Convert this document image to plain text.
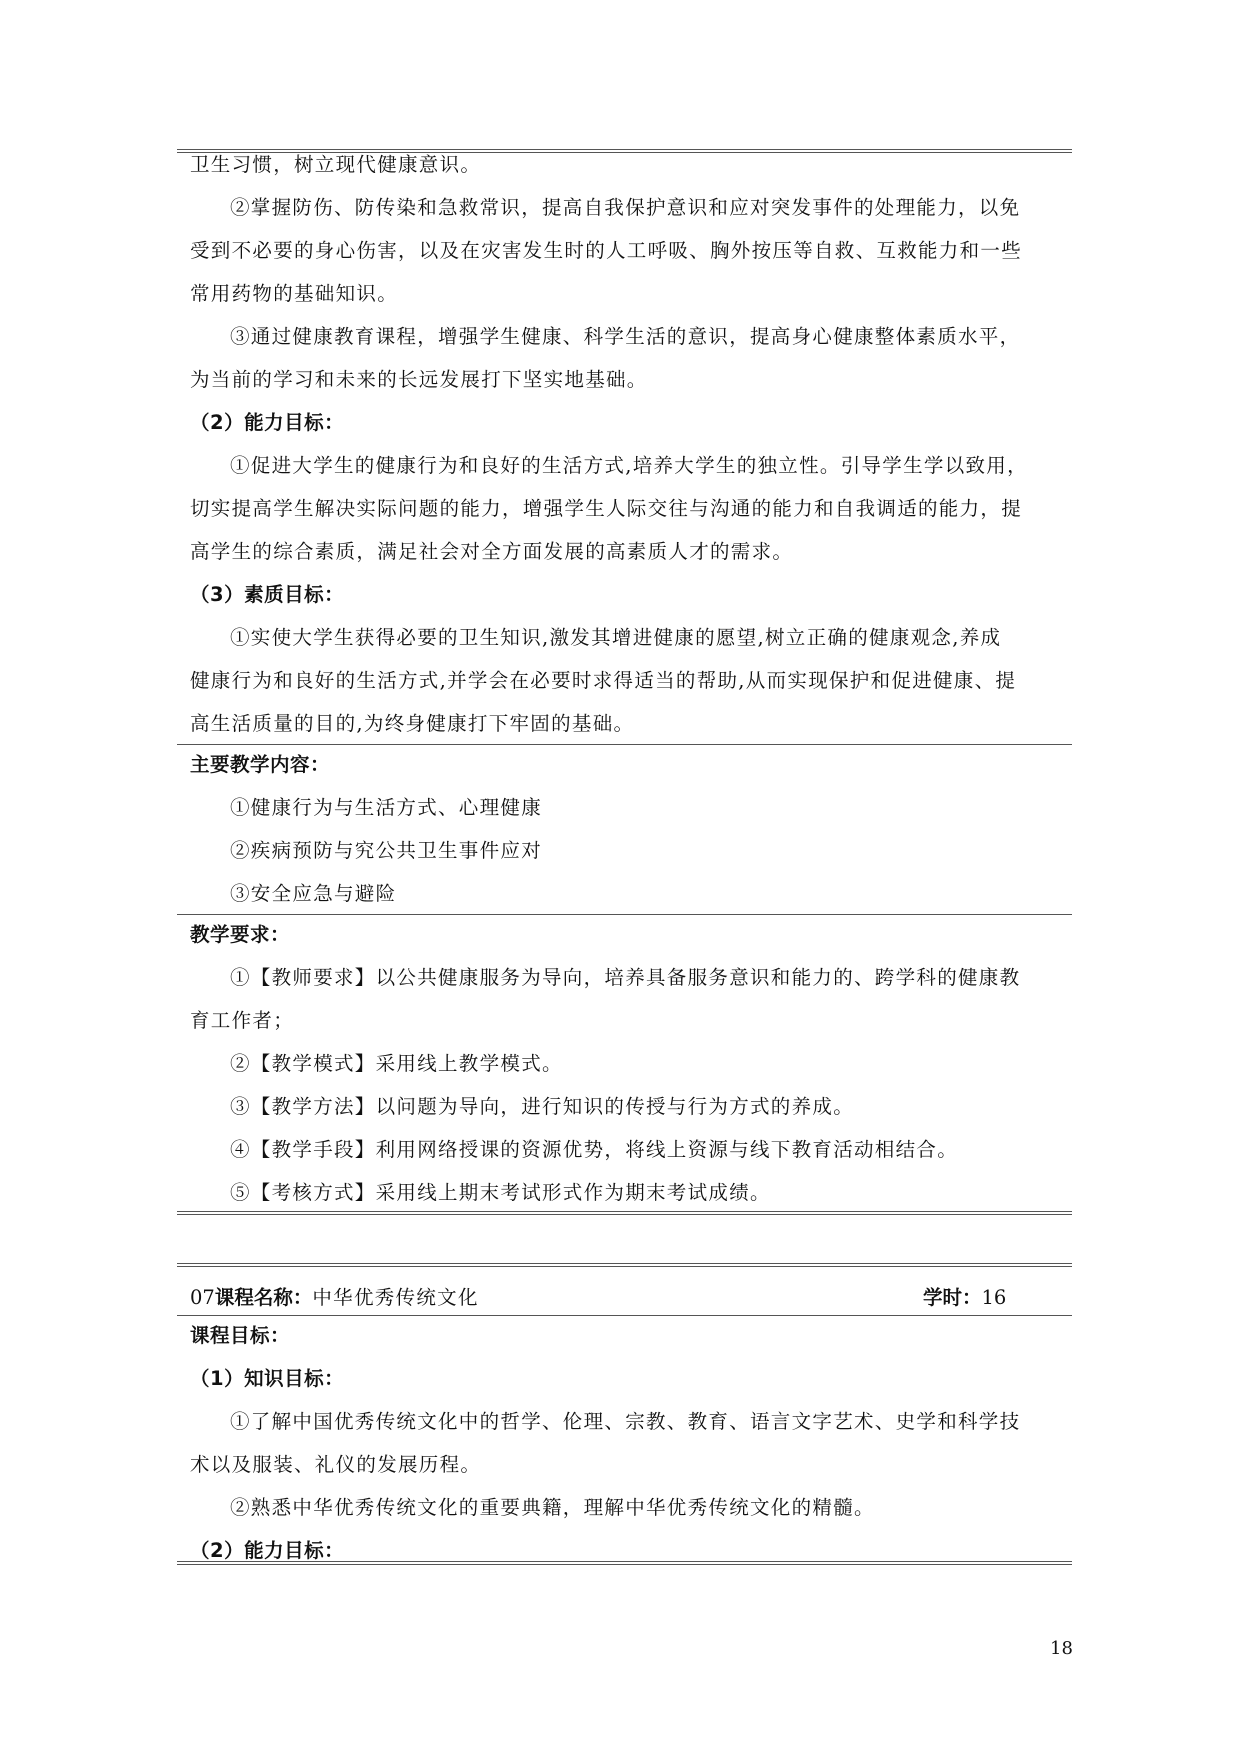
卫生习惯，树立现代健康意识。
②掌握防伤、防传染和急救常识，提高自我保护意识和应对突发事件的处理能力，以免
受到不必要的身心伤害，以及在灾害发生时的人工呼吸、胸外按压等自救、互救能力和一些
常用药物的基础知识。
③通过健康教育课程，增强学生健康、科学生活的意识，提高身心健康整体素质水平，
为当前的学习和未来的长远发展打下坚实地基础。
（2）能力目标：
①促进大学生的健康行为和良好的生活方式,培养大学生的独立性。引导学生学以致用，
切实提高学生解决实际问题的能力，增强学生人际交往与沟通的能力和自我调适的能力，提
高学生的综合素质，满足社会对全方面发展的高素质人才的需求。
（3）素质目标：
①实使大学生获得必要的卫生知识,激发其增进健康的愿望,树立正确的健康观念,养成
健康行为和良好的生活方式,并学会在必要时求得适当的帮助,从而实现保护和促进健康、提
高生活质量的目的,为终身健康打下牢固的基础。
主要教学内容：
①健康行为与生活方式、心理健康
②疾病预防与究公共卫生事件应对
③安全应急与避险
教学要求：
①【教师要求】以公共健康服务为导向，培养具备服务意识和能力的、跨学科的健康教
育工作者；
②【教学模式】采用线上教学模式。
③【教学方法】以问题为导向，进行知识的传授与行为方式的养成。
④【教学手段】利用网络授课的资源优势，将线上资源与线下教育活动相结合。
⑤【考核方式】采用线上期末考试形式作为期末考试成绩。
07课程名称：中华优秀传统文化	学时：16
课程目标：
（1）知识目标：
①了解中国优秀传统文化中的哲学、伦理、宗教、教育、语言文字艺术、史学和科学技
术以及服装、礼仪的发展历程。
②熟悉中华优秀传统文化的重要典籍，理解中华优秀传统文化的精髓。
（2）能力目标：
18
